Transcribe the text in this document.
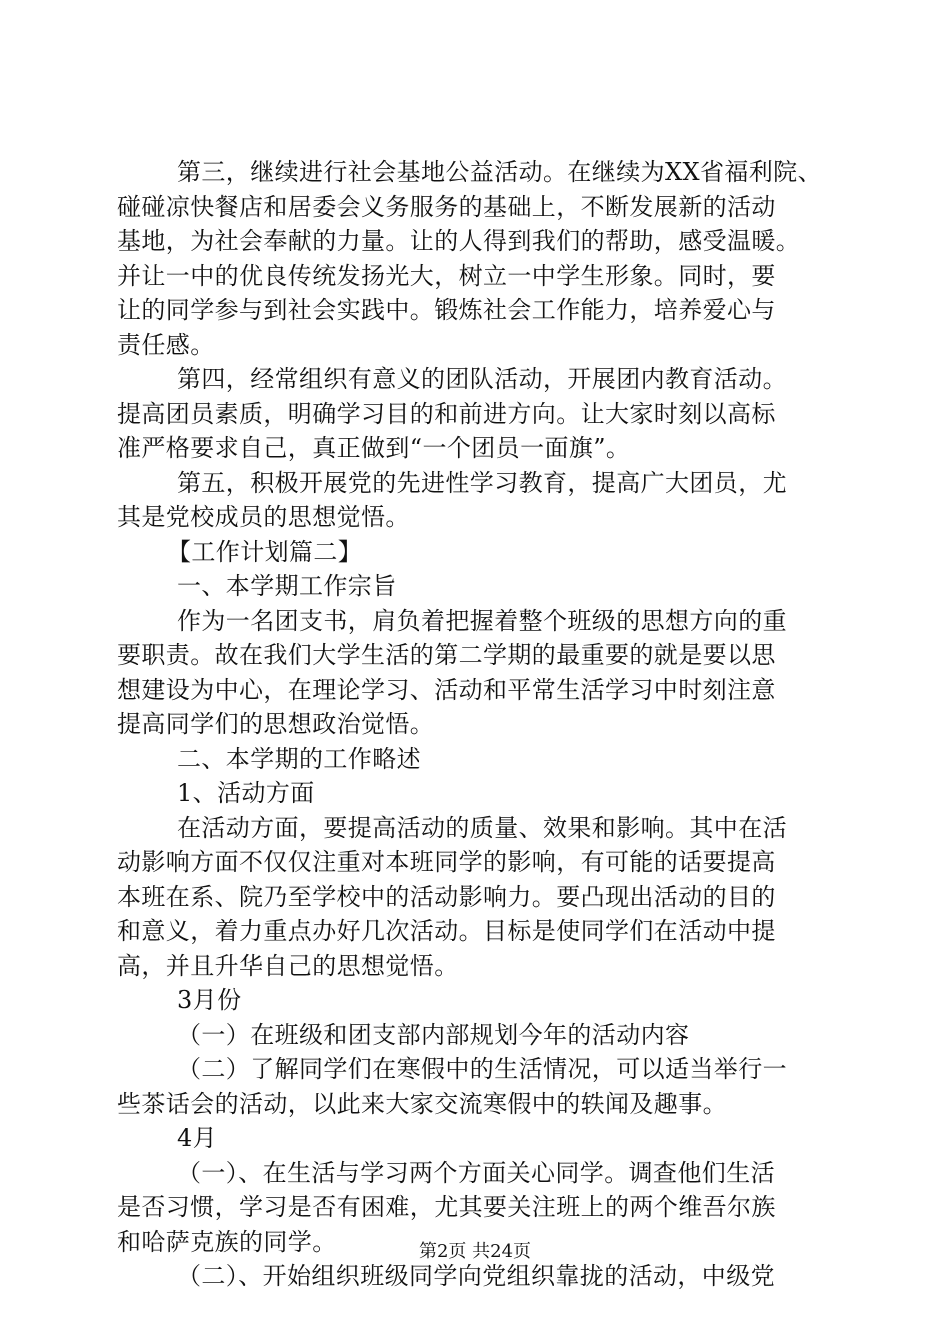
第三，继续进行社会基地公益活动。在继续为XX省福利院、
碰碰凉快餐店和居委会义务服务的基础上，不断发展新的活动
基地，为社会奉献的力量。让的人得到我们的帮助，感受温暖。
并让一中的优良传统发扬光大，树立一中学生形象。同时，要
让的同学参与到社会实践中。锻炼社会工作能力，培养爱心与
责任感。
第四，经常组织有意义的团队活动，开展团内教育活动。
提高团员素质，明确学习目的和前进方向。让大家时刻以高标
准严格要求自己，真正做到“一个团员一面旗”。
第五，积极开展党的先进性学习教育，提高广大团员，尤
其是党校成员的思想觉悟。
【工作计划篇二】
一、本学期工作宗旨
作为一名团支书，肩负着把握着整个班级的思想方向的重
要职责。故在我们大学生活的第二学期的最重要的就是要以思
想建设为中心，在理论学习、活动和平常生活学习中时刻注意
提高同学们的思想政治觉悟。
二、本学期的工作略述
1、活动方面
在活动方面，要提高活动的质量、效果和影响。其中在活
动影响方面不仅仅注重对本班同学的影响，有可能的话要提高
本班在系、院乃至学校中的活动影响力。要凸现出活动的目的
和意义，着力重点办好几次活动。目标是使同学们在活动中提
高，并且升华自己的思想觉悟。
3月份
（一）在班级和团支部内部规划今年的活动内容
（二）了解同学们在寒假中的生活情况，可以适当举行一
些茶话会的活动，以此来大家交流寒假中的轶闻及趣事。
4月
（一）、在生活与学习两个方面关心同学。调查他们生活
是否习惯，学习是否有困难，尤其要关注班上的两个维吾尔族
和哈萨克族的同学。
（二）、开始组织班级同学向党组织靠拢的活动，中级党
第2页 共24页
